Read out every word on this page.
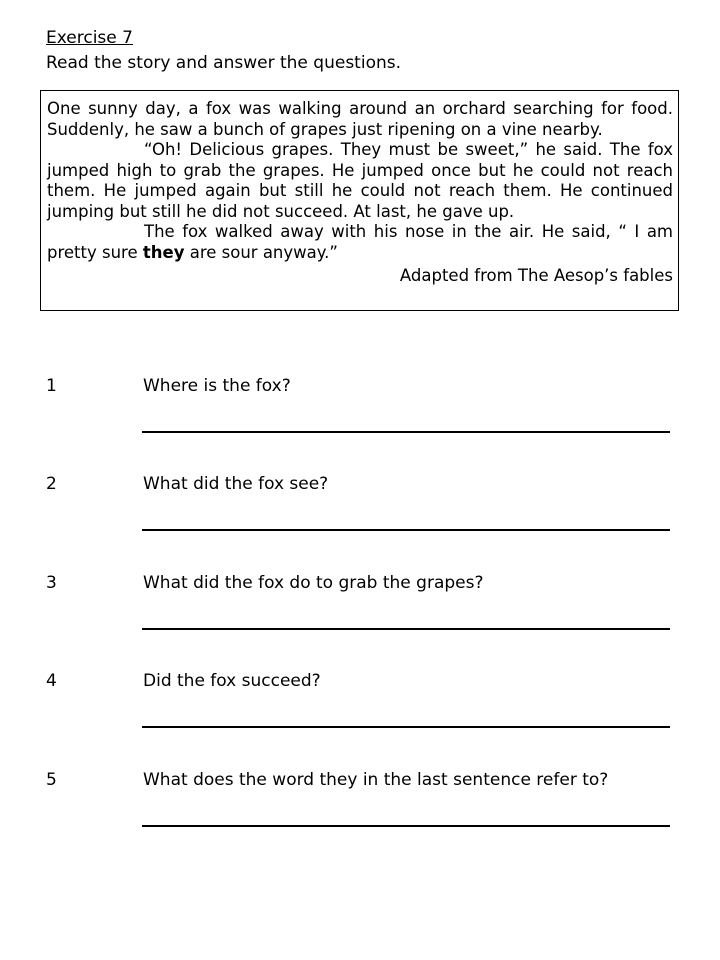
Exercise 7
Read the story and answer the questions.

One sunny day, a fox was walking around an orchard searching for food. Suddenly, he saw a bunch of grapes just ripening on a vine nearby.

“Oh! Delicious grapes. They must be sweet,” he said. The fox jumped high to grab the grapes. He jumped once but he could not reach them. He jumped again but still he could not reach them. He continued jumping but still he did not succeed. At last, he gave up.

The fox walked away with his nose in the air. He said, “ I am pretty sure they are sour anyway.”

Adapted from The Aesop’s fables

1	Where is the fox?
2	What did the fox see?
3	What did the fox do to grab the grapes?
4	Did the fox succeed?
5	What does the word they in the last sentence refer to?
